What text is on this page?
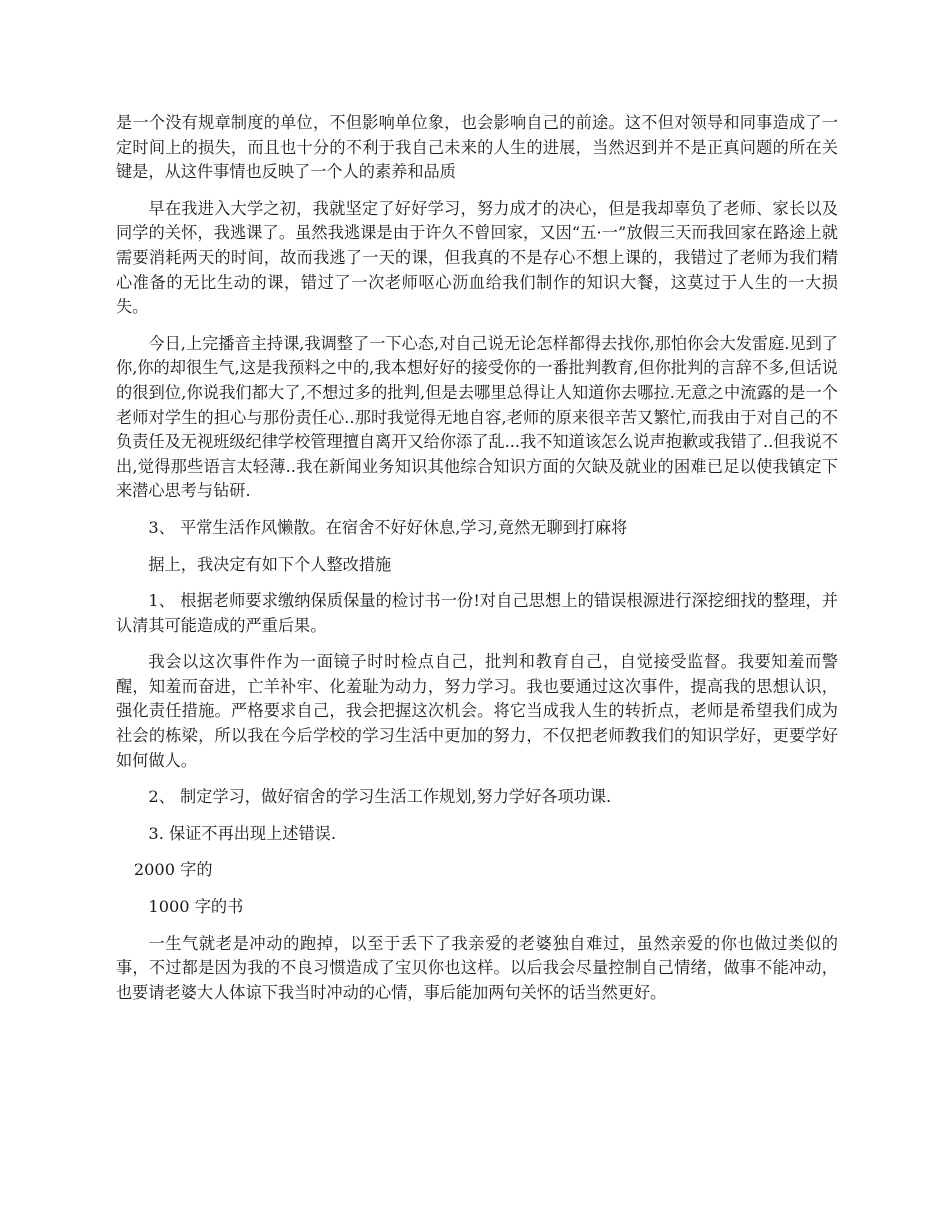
是一个没有规章制度的单位，不但影响单位象，也会影响自己的前途。这不但对领导和同事造成了一定时间上的损失，而且也十分的不利于我自己未来的人生的进展，当然迟到并不是正真问题的所在关键是，从这件事情也反映了一个人的素养和品质

早在我进入大学之初，我就坚定了好好学习，努力成才的决心，但是我却辜负了老师、家长以及同学的关怀，我逃课了。虽然我逃课是由于许久不曾回家，又因“五·一”放假三天而我回家在路途上就需要消耗两天的时间，故而我逃了一天的课，但我真的不是存心不想上课的，我错过了老师为我们精心准备的无比生动的课，错过了一次老师呕心沥血给我们制作的知识大餐，这莫过于人生的一大损失。

今日,上完播音主持课,我调整了一下心态,对自己说无论怎样都得去找你,那怕你会大发雷庭.见到了你,你的却很生气,这是我预料之中的,我本想好好的接受你的一番批判教育,但你批判的言辞不多,但话说的很到位,你说我们都大了,不想过多的批判,但是去哪里总得让人知道你去哪拉.无意之中流露的是一个老师对学生的担心与那份责任心..那时我觉得无地自容,老师的原来很辛苦又繁忙,而我由于对自己的不负责任及无视班级纪律学校管理擅自离开又给你添了乱...我不知道该怎么说声抱歉或我错了..但我说不出,觉得那些语言太轻薄..我在新闻业务知识其他综合知识方面的欠缺及就业的困难已足以使我镇定下来潜心思考与钻研.

3、 平常生活作风懒散。在宿舍不好好休息,学习,竟然无聊到打麻将

据上，我决定有如下个人整改措施

1、 根据老师要求缴纳保质保量的检讨书一份!对自己思想上的错误根源进行深挖细找的整理，并认清其可能造成的严重后果。

我会以这次事件作为一面镜子时时检点自己，批判和教育自己，自觉接受监督。我要知羞而警醒，知羞而奋进，亡羊补牢、化羞耻为动力，努力学习。我也要通过这次事件，提高我的思想认识，强化责任措施。严格要求自己，我会把握这次机会。将它当成我人生的转折点，老师是希望我们成为社会的栋梁，所以我在今后学校的学习生活中更加的努力，不仅把老师教我们的知识学好，更要学好如何做人。

2、 制定学习，做好宿舍的学习生活工作规划,努力学好各项功课.

3. 保证不再出现上述错误.

2000 字的

1000 字的书

一生气就老是冲动的跑掉，以至于丢下了我亲爱的老婆独自难过，虽然亲爱的你也做过类似的事，不过都是因为我的不良习惯造成了宝贝你也这样。以后我会尽量控制自己情绪，做事不能冲动，也要请老婆大人体谅下我当时冲动的心情，事后能加两句关怀的话当然更好。
